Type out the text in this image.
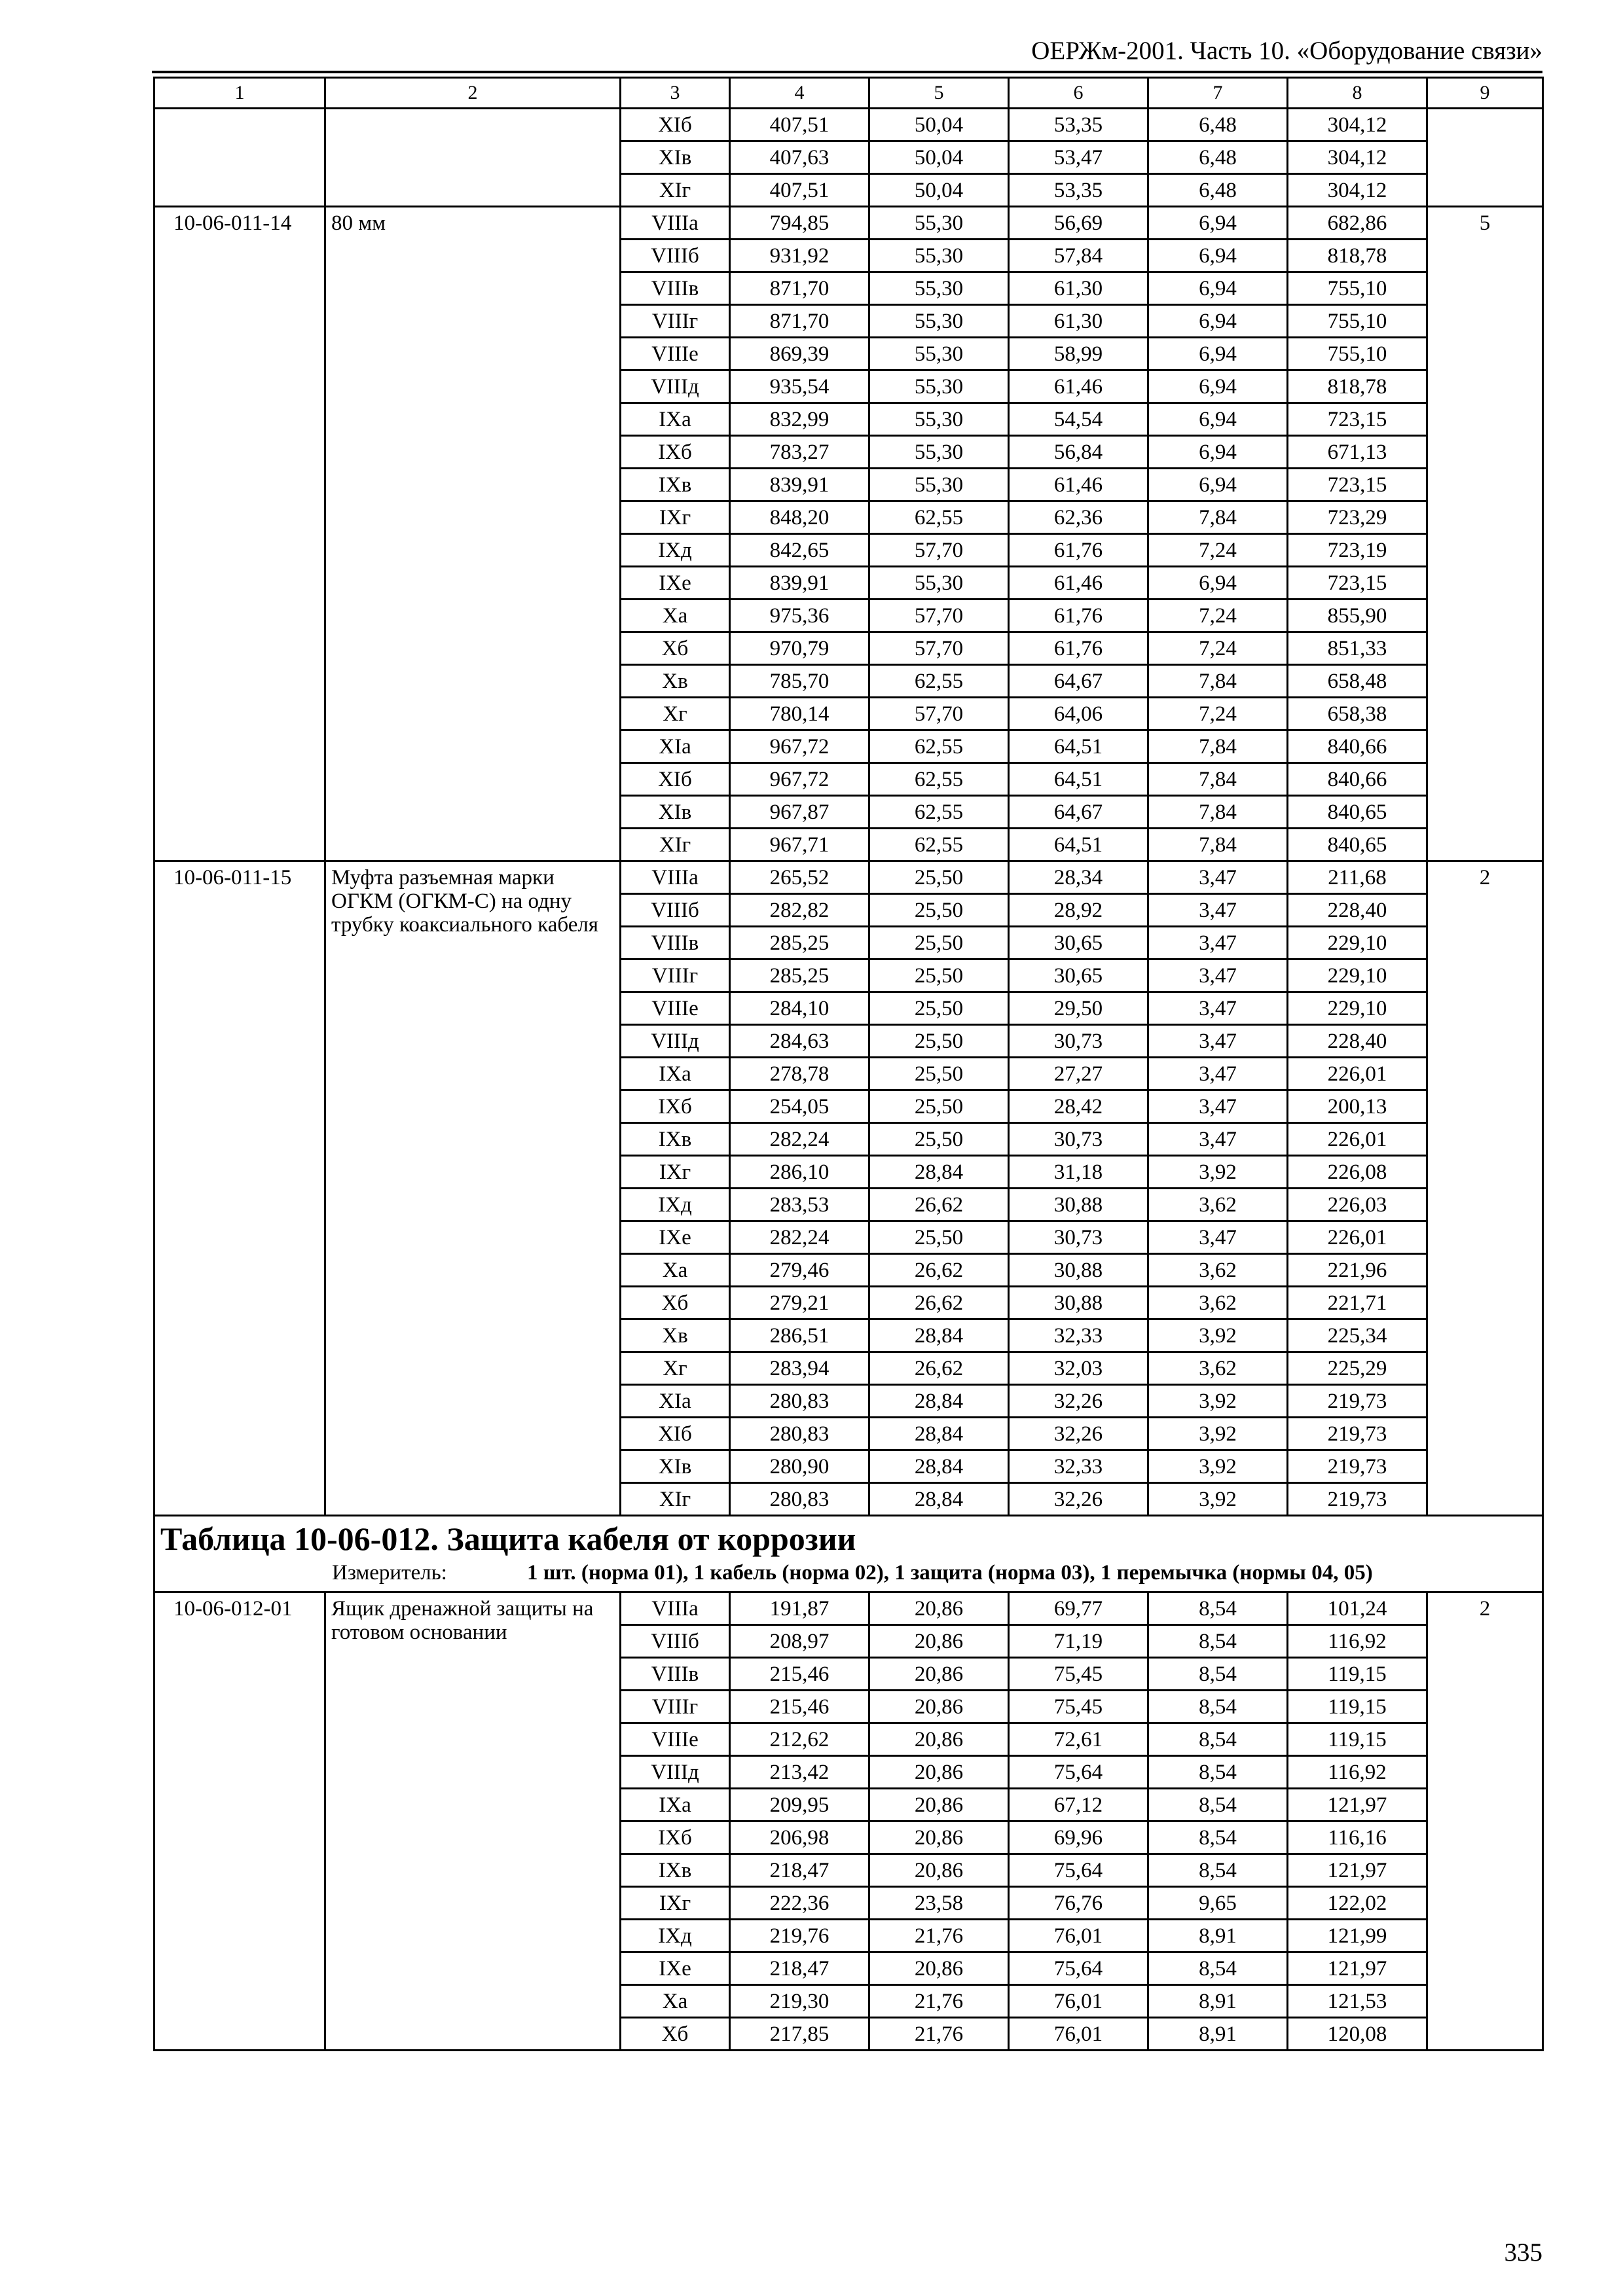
ОЕРЖм-2001. Часть 10. «Оборудование связи»
1	2	3	4	5	6	7	8	9
		XIб	407,51	50,04	53,35	6,48	304,12	
		XIв	407,63	50,04	53,47	6,48	304,12	
		XIг	407,51	50,04	53,35	6,48	304,12	
10-06-011-14	80 мм	VIIIа	794,85	55,30	56,69	6,94	682,86	5
		VIIIб	931,92	55,30	57,84	6,94	818,78	
		VIIIв	871,70	55,30	61,30	6,94	755,10	
		VIIIг	871,70	55,30	61,30	6,94	755,10	
		VIIIе	869,39	55,30	58,99	6,94	755,10	
		VIIIд	935,54	55,30	61,46	6,94	818,78	
		IXа	832,99	55,30	54,54	6,94	723,15	
		IXб	783,27	55,30	56,84	6,94	671,13	
		IXв	839,91	55,30	61,46	6,94	723,15	
		IXг	848,20	62,55	62,36	7,84	723,29	
		IXд	842,65	57,70	61,76	7,24	723,19	
		IXе	839,91	55,30	61,46	6,94	723,15	
		Xа	975,36	57,70	61,76	7,24	855,90	
		Xб	970,79	57,70	61,76	7,24	851,33	
		Xв	785,70	62,55	64,67	7,84	658,48	
		Xг	780,14	57,70	64,06	7,24	658,38	
		XIа	967,72	62,55	64,51	7,84	840,66	
		XIб	967,72	62,55	64,51	7,84	840,66	
		XIв	967,87	62,55	64,67	7,84	840,65	
		XIг	967,71	62,55	64,51	7,84	840,65	
10-06-011-15	Муфта разъемная марки ОГКМ (ОГКМ-С) на одну трубку коаксиального кабеля	VIIIа	265,52	25,50	28,34	3,47	211,68	2
		VIIIб	282,82	25,50	28,92	3,47	228,40	
		VIIIв	285,25	25,50	30,65	3,47	229,10	
		VIIIг	285,25	25,50	30,65	3,47	229,10	
		VIIIе	284,10	25,50	29,50	3,47	229,10	
		VIIIд	284,63	25,50	30,73	3,47	228,40	
		IXа	278,78	25,50	27,27	3,47	226,01	
		IXб	254,05	25,50	28,42	3,47	200,13	
		IXв	282,24	25,50	30,73	3,47	226,01	
		IXг	286,10	28,84	31,18	3,92	226,08	
		IXд	283,53	26,62	30,88	3,62	226,03	
		IXе	282,24	25,50	30,73	3,47	226,01	
		Xа	279,46	26,62	30,88	3,62	221,96	
		Xб	279,21	26,62	30,88	3,62	221,71	
		Xв	286,51	28,84	32,33	3,92	225,34	
		Xг	283,94	26,62	32,03	3,62	225,29	
		XIа	280,83	28,84	32,26	3,92	219,73	
		XIб	280,83	28,84	32,26	3,92	219,73	
		XIв	280,90	28,84	32,33	3,92	219,73	
		XIг	280,83	28,84	32,26	3,92	219,73	

Таблица 10-06-012. Защита кабеля от коррозии
Измеритель: 1 шт. (норма 01), 1 кабель (норма 02), 1 защита (норма 03), 1 перемычка (нормы 04, 05)								

10-06-012-01	Ящик дренажной защиты на готовом основании	VIIIа	191,87	20,86	69,77	8,54	101,24	2
		VIIIб	208,97	20,86	71,19	8,54	116,92	
		VIIIв	215,46	20,86	75,45	8,54	119,15	
		VIIIг	215,46	20,86	75,45	8,54	119,15	
		VIIIе	212,62	20,86	72,61	8,54	119,15	
		VIIIд	213,42	20,86	75,64	8,54	116,92	
		IXа	209,95	20,86	67,12	8,54	121,97	
		IXб	206,98	20,86	69,96	8,54	116,16	
		IXв	218,47	20,86	75,64	8,54	121,97	
		IXг	222,36	23,58	76,76	9,65	122,02	
		IXд	219,76	21,76	76,01	8,91	121,99	
		IXе	218,47	20,86	75,64	8,54	121,97	
		Xа	219,30	21,76	76,01	8,91	121,53	
		Xб	217,85	21,76	76,01	8,91	120,08	
335
